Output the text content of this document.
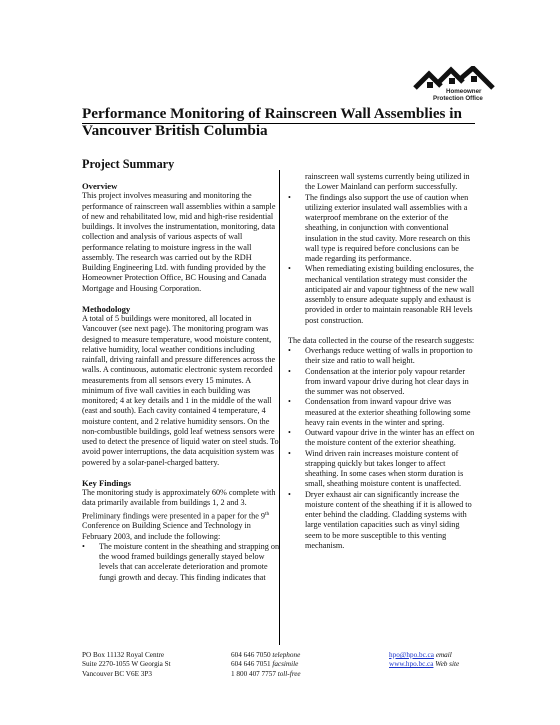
Homeowner
Protection Office
Performance Monitoring of Rainscreen Wall Assemblies in Vancouver British Columbia
Project Summary
Overview

This project involves measuring and monitoring the performance of rainscreen wall assemblies within a sample of new and rehabilitated low, mid and high-rise residential buildings. It involves the instrumentation, monitoring, data collection and analysis of various aspects of wall performance relating to moisture ingress in the wall assembly. The research was carried out by the RDH Building Engineering Ltd. with funding provided by the Homeowner Protection Office, BC Housing and Canada Mortgage and Housing Corporation.

Methodology

A total of 5 buildings were monitored, all located in Vancouver (see next page). The monitoring program was designed to measure temperature, wood moisture content, relative humidity, local weather conditions including rainfall, driving rainfall and pressure differences across the walls. A continuous, automatic electronic system recorded measurements from all sensors every 15 minutes. A minimum of five wall cavities in each building was monitored; 4 at key details and 1 in the middle of the wall (east and south). Each cavity contained 4 temperature, 4 moisture content, and 2 relative humidity sensors. On the non-combustible buildings, gold leaf wetness sensors were used to detect the presence of liquid water on steel studs. To avoid power interruptions, the data acquisition system was powered by a solar-panel-charged battery.

Key Findings

The monitoring study is approximately 60% complete with data primarily available from buildings 1, 2 and 3. Preliminary findings were presented in a paper for the 9th Conference on Building Science and Technology in February 2003, and include the following:

• The moisture content in the sheathing and strapping on the wood framed buildings generally stayed below levels that can accelerate deterioration and promote fungi growth and decay. This finding indicates that

rainscreen wall systems currently being utilized in the Lower Mainland can perform successfully.

• The findings also support the use of caution when utilizing exterior insulated wall assemblies with a waterproof membrane on the exterior of the sheathing, in conjunction with conventional insulation in the stud cavity. More research on this wall type is required before conclusions can be made regarding its performance.
• When remediating existing building enclosures, the mechanical ventilation strategy must consider the anticipated air and vapour tightness of the new wall assembly to ensure adequate supply and exhaust is provided in order to maintain reasonable RH levels post construction.

The data collected in the course of the research suggests:

• Overhangs reduce wetting of walls in proportion to their size and ratio to wall height.
• Condensation at the interior poly vapour retarder from inward vapour drive during hot clear days in the summer was not observed.
• Condensation from inward vapour drive was measured at the exterior sheathing following some heavy rain events in the winter and spring.
• Outward vapour drive in the winter has an effect on the moisture content of the exterior sheathing.
• Wind driven rain increases moisture content of strapping quickly but takes longer to affect sheathing. In some cases when storm duration is small, sheathing moisture content is unaffected.
• Dryer exhaust air can significantly increase the moisture content of the sheathing if it is allowed to enter behind the cladding. Cladding systems with large ventilation capacities such as vinyl siding seem to be more susceptible to this venting mechanism.
PO Box 11132 Royal Centre
Suite 2270-1055 W Georgia St
Vancouver BC V6E 3P3
604 646 7050 telephone
604 646 7051 facsimile
1 800 407 7757 toll-free
hpo@hpo.bc.ca email
www.hpo.bc.ca Web site
